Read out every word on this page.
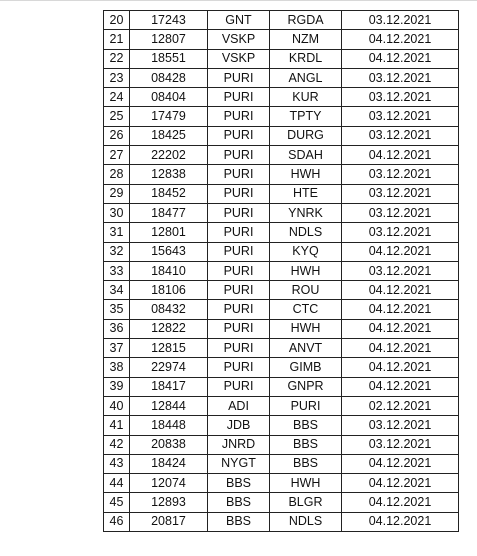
20	17243	GNT	RGDA	03.12.2021
21	12807	VSKP	NZM	04.12.2021
22	18551	VSKP	KRDL	04.12.2021
23	08428	PURI	ANGL	03.12.2021
24	08404	PURI	KUR	03.12.2021
25	17479	PURI	TPTY	03.12.2021
26	18425	PURI	DURG	03.12.2021
27	22202	PURI	SDAH	04.12.2021
28	12838	PURI	HWH	03.12.2021
29	18452	PURI	HTE	03.12.2021
30	18477	PURI	YNRK	03.12.2021
31	12801	PURI	NDLS	03.12.2021
32	15643	PURI	KYQ	04.12.2021
33	18410	PURI	HWH	03.12.2021
34	18106	PURI	ROU	04.12.2021
35	08432	PURI	CTC	04.12.2021
36	12822	PURI	HWH	04.12.2021
37	12815	PURI	ANVT	04.12.2021
38	22974	PURI	GIMB	04.12.2021
39	18417	PURI	GNPR	04.12.2021
40	12844	ADI	PURI	02.12.2021
41	18448	JDB	BBS	03.12.2021
42	20838	JNRD	BBS	03.12.2021
43	18424	NYGT	BBS	04.12.2021
44	12074	BBS	HWH	04.12.2021
45	12893	BBS	BLGR	04.12.2021
46	20817	BBS	NDLS	04.12.2021
